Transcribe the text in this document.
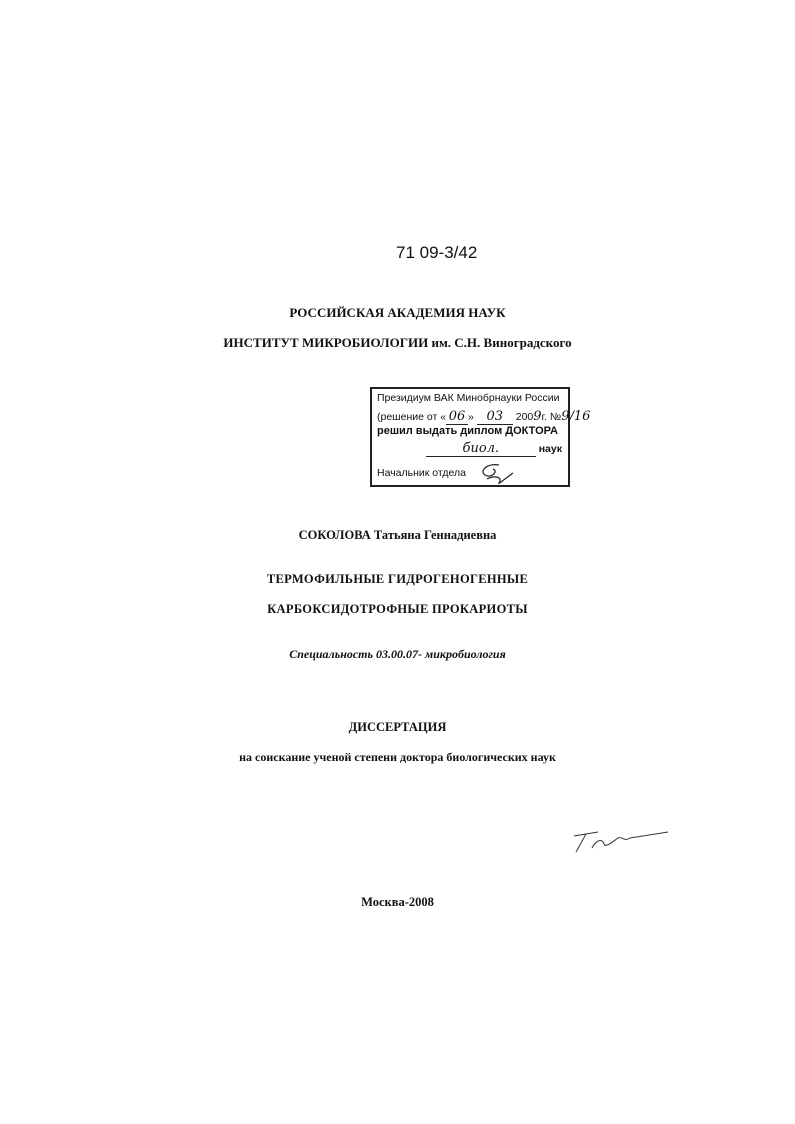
71 09-3/42
РОССИЙСКАЯ АКАДЕМИЯ НАУК
ИНСТИТУТ МИКРОБИОЛОГИИ им. С.Н. Виноградского
Президиум ВАК Минобрнауки России
(решение от « 06 » 03 2009г. №9/16
решил выдать диплом ДОКТОРА
биол.	наук
Начальник отдела
СОКОЛОВА Татьяна Геннадиевна
ТЕРМОФИЛЬНЫЕ ГИДРОГЕНОГЕННЫЕ
КАРБОКСИДОТРОФНЫЕ ПРОКАРИОТЫ
Специальность 03.00.07- микробиология
ДИССЕРТАЦИЯ
на соискание ученой степени доктора биологических наук
Москва-2008
